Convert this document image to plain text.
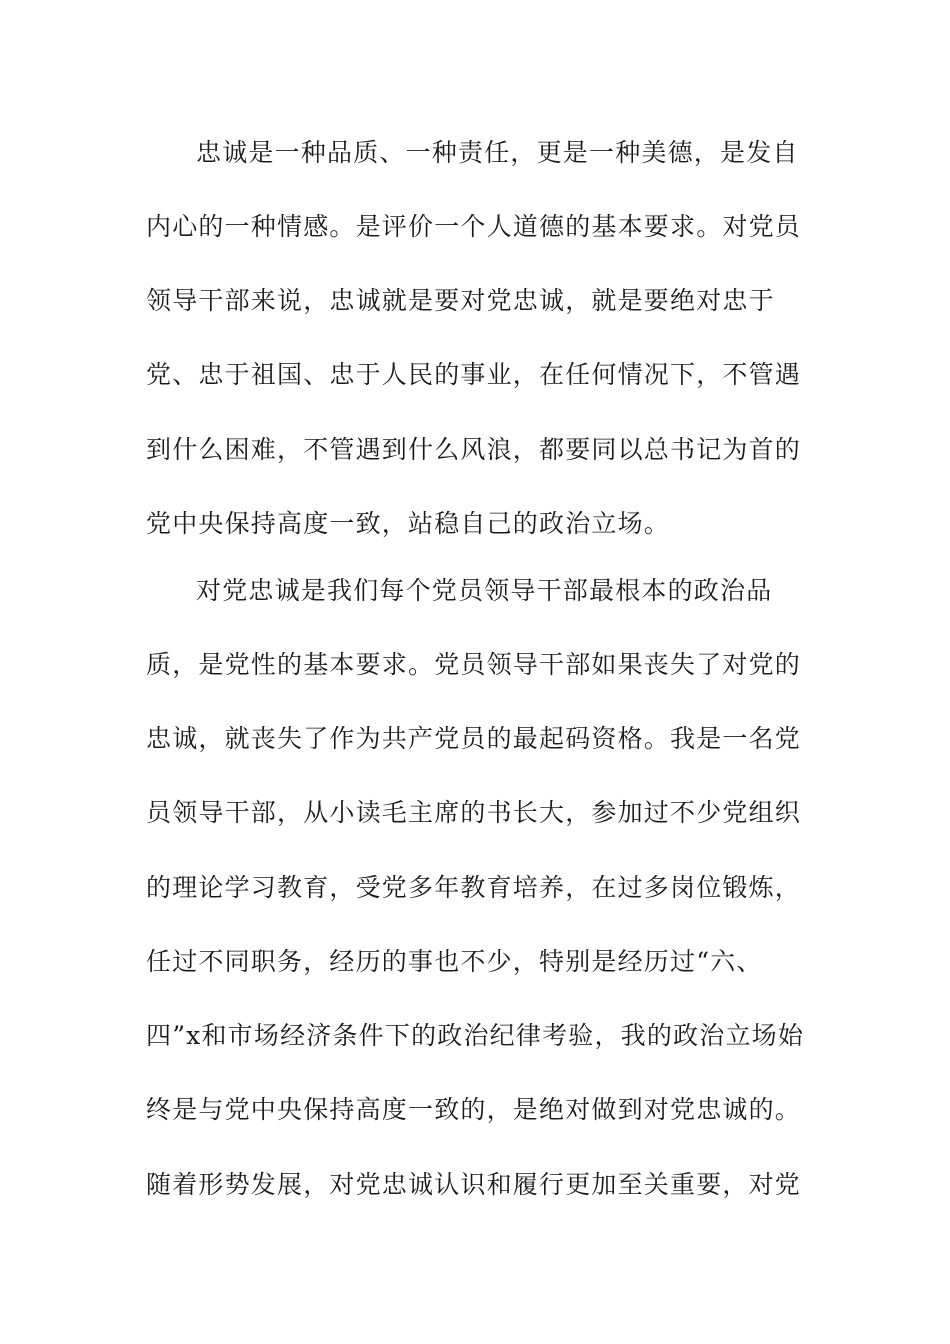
忠诚是一种品质、一种责任，更是一种美德，是发自
内心的一种情感。是评价一个人道德的基本要求。对党员
领导干部来说，忠诚就是要对党忠诚，就是要绝对忠于
党、忠于祖国、忠于人民的事业，在任何情况下，不管遇
到什么困难，不管遇到什么风浪，都要同以总书记为首的
党中央保持高度一致，站稳自己的政治立场。
对党忠诚是我们每个党员领导干部最根本的政治品
质，是党性的基本要求。党员领导干部如果丧失了对党的
忠诚，就丧失了作为共产党员的最起码资格。我是一名党
员领导干部，从小读毛主席的书长大，参加过不少党组织
的理论学习教育，受党多年教育培养，在过多岗位锻炼，
任过不同职务，经历的事也不少，特别是经历过“六、
四”x和市场经济条件下的政治纪律考验，我的政治立场始
终是与党中央保持高度一致的，是绝对做到对党忠诚的。
随着形势发展，对党忠诚认识和履行更加至关重要，对党
